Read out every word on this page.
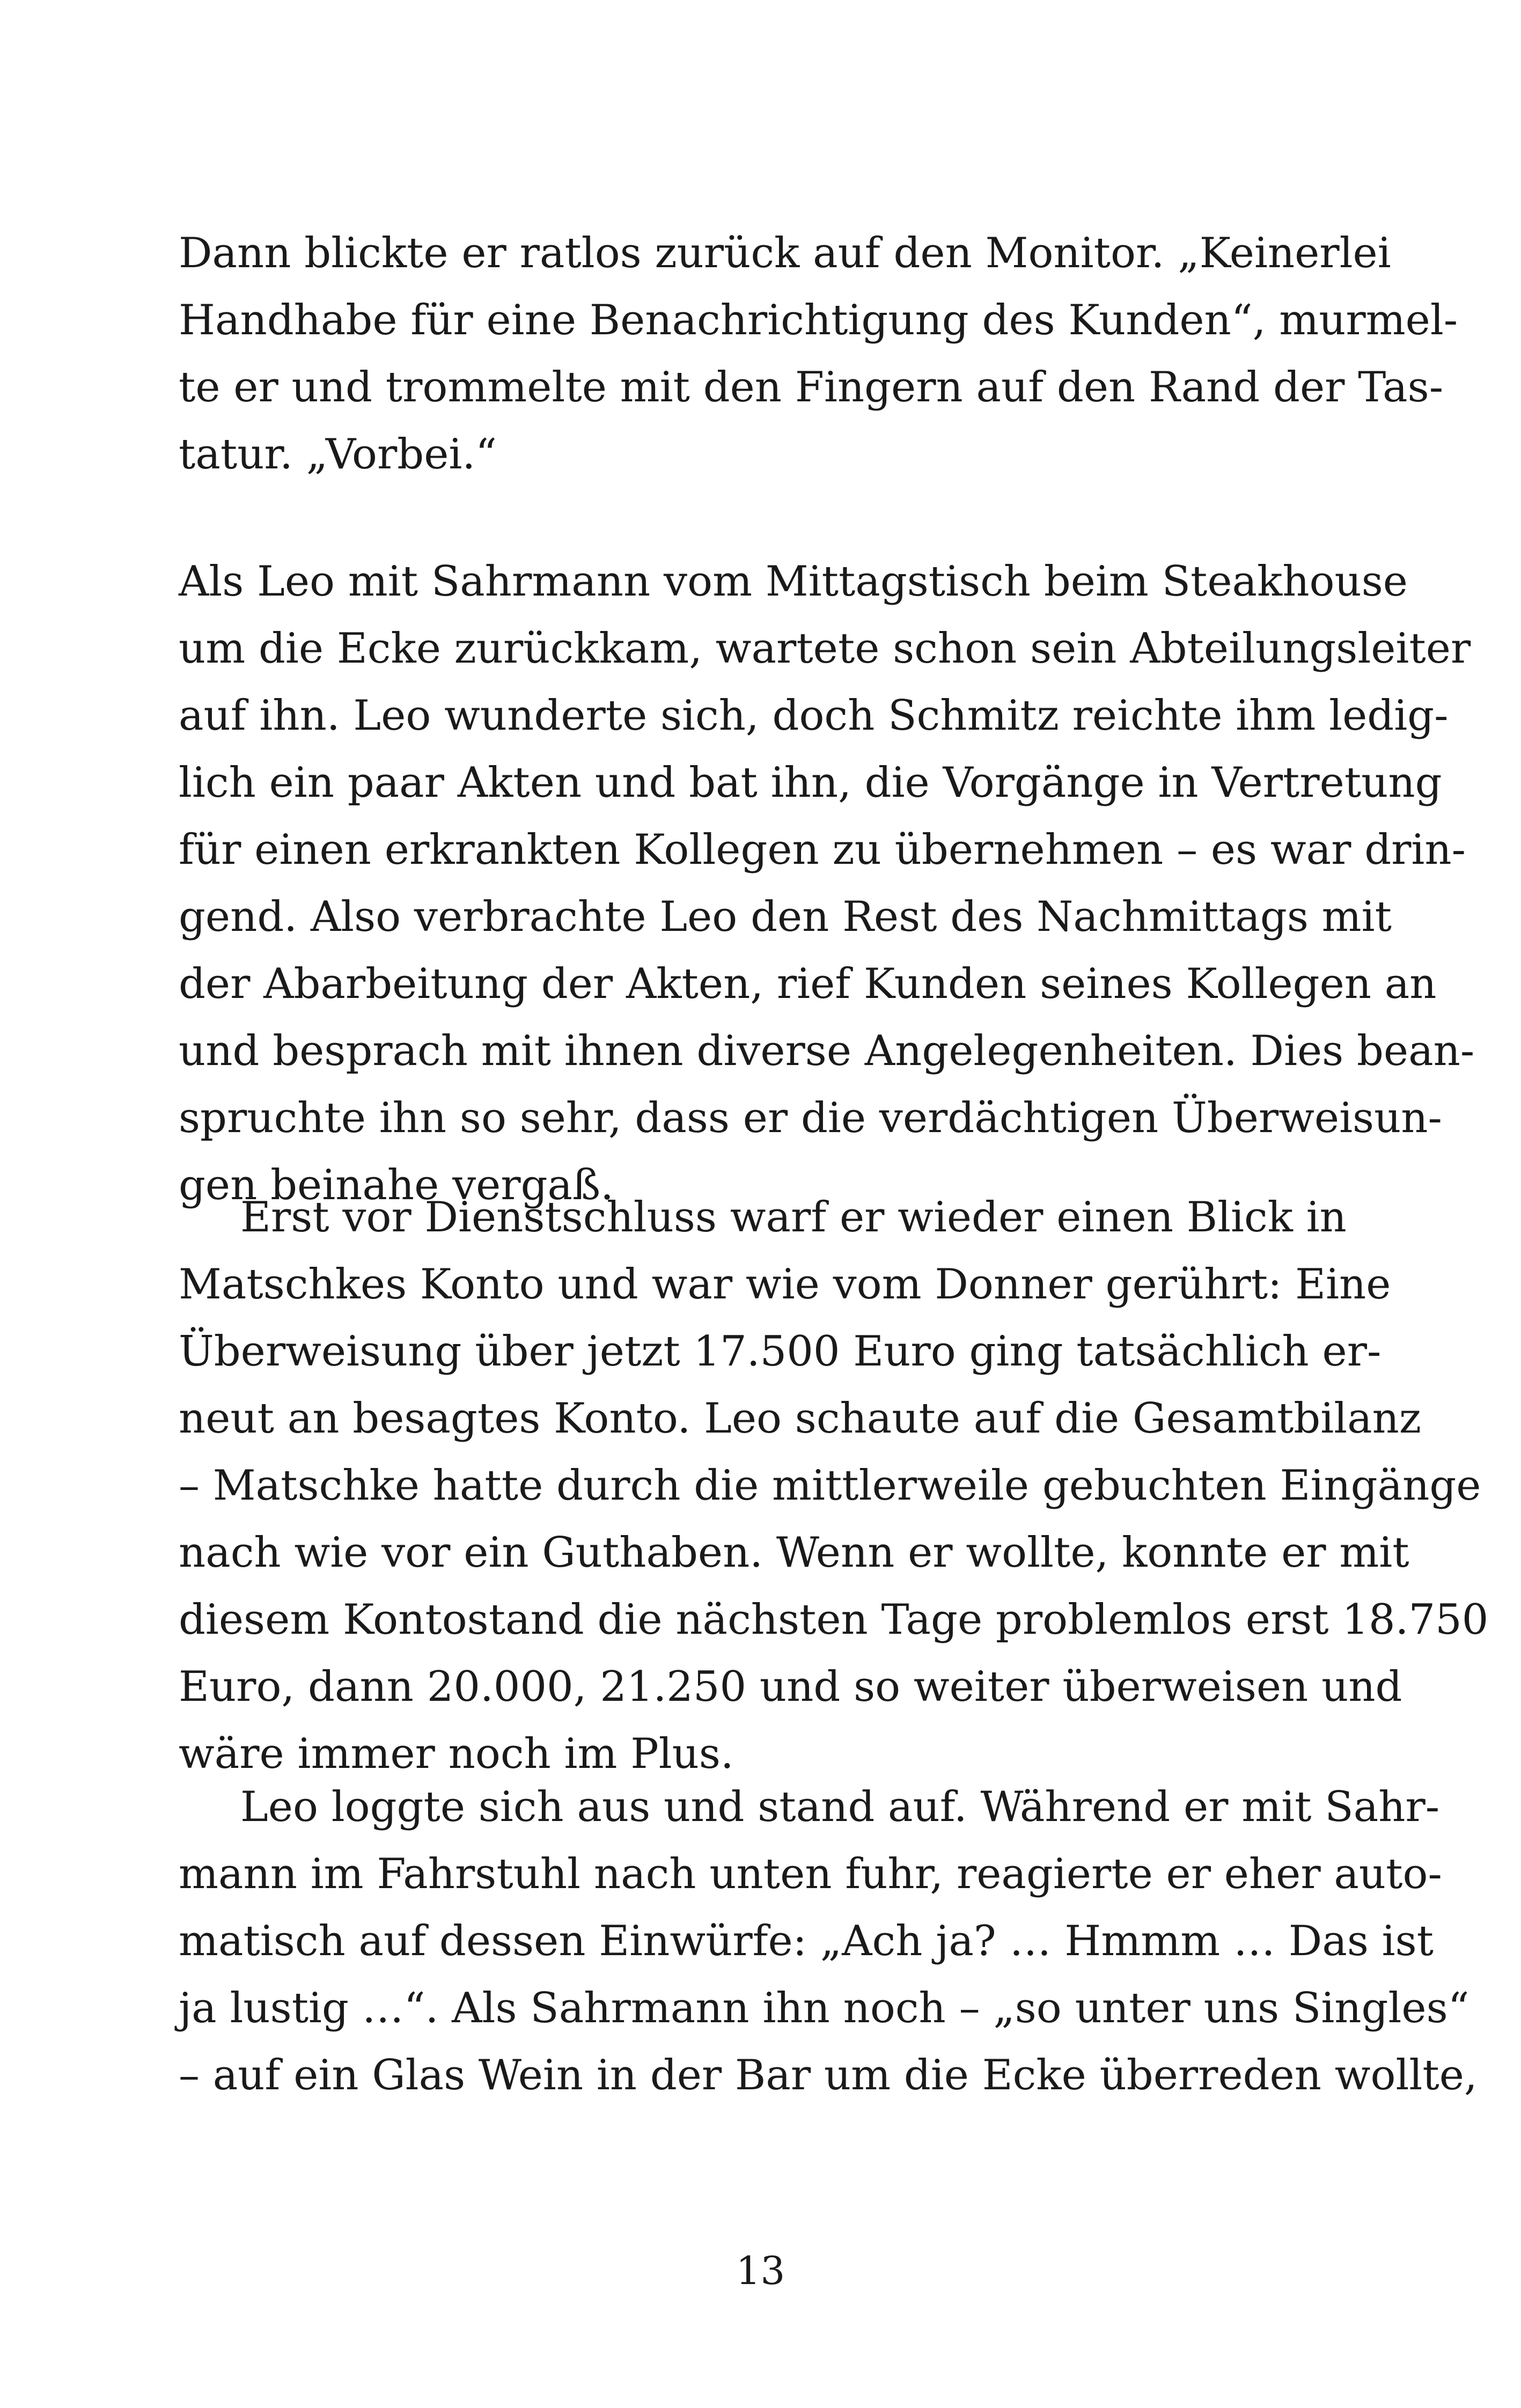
Dann blickte er ratlos zurück auf den Monitor. „Keinerlei
Handhabe für eine Benachrichtigung des Kunden“, murmel-
te er und trommelte mit den Fingern auf den Rand der Tas-
tatur. „Vorbei.“
Als Leo mit Sahrmann vom Mittagstisch beim Steakhouse
um die Ecke zurückkam, wartete schon sein Abteilungsleiter
auf ihn. Leo wunderte sich, doch Schmitz reichte ihm ledig-
lich ein paar Akten und bat ihn, die Vorgänge in Vertretung
für einen erkrankten Kollegen zu übernehmen – es war drin-
gend. Also verbrachte Leo den Rest des Nachmittags mit
der Abarbeitung der Akten, rief Kunden seines Kollegen an
und besprach mit ihnen diverse Angelegenheiten. Dies bean-
spruchte ihn so sehr, dass er die verdächtigen Überweisun-
gen beinahe vergaß.
Erst vor Dienstschluss warf er wieder einen Blick in
Matschkes Konto und war wie vom Donner gerührt: Eine
Überweisung über jetzt 17.500 Euro ging tatsächlich er-
neut an besagtes Konto. Leo schaute auf die Gesamtbilanz
– Matschke hatte durch die mittlerweile gebuchten Eingänge
nach wie vor ein Guthaben. Wenn er wollte, konnte er mit
diesem Kontostand die nächsten Tage problemlos erst 18.750
Euro, dann 20.000, 21.250 und so weiter überweisen und
wäre immer noch im Plus.
Leo loggte sich aus und stand auf. Während er mit Sahr-
mann im Fahrstuhl nach unten fuhr, reagierte er eher auto-
matisch auf dessen Einwürfe: „Ach ja? … Hmmm … Das ist
ja lustig …“. Als Sahrmann ihn noch – „so unter uns Singles“
– auf ein Glas Wein in der Bar um die Ecke überreden wollte,
13
